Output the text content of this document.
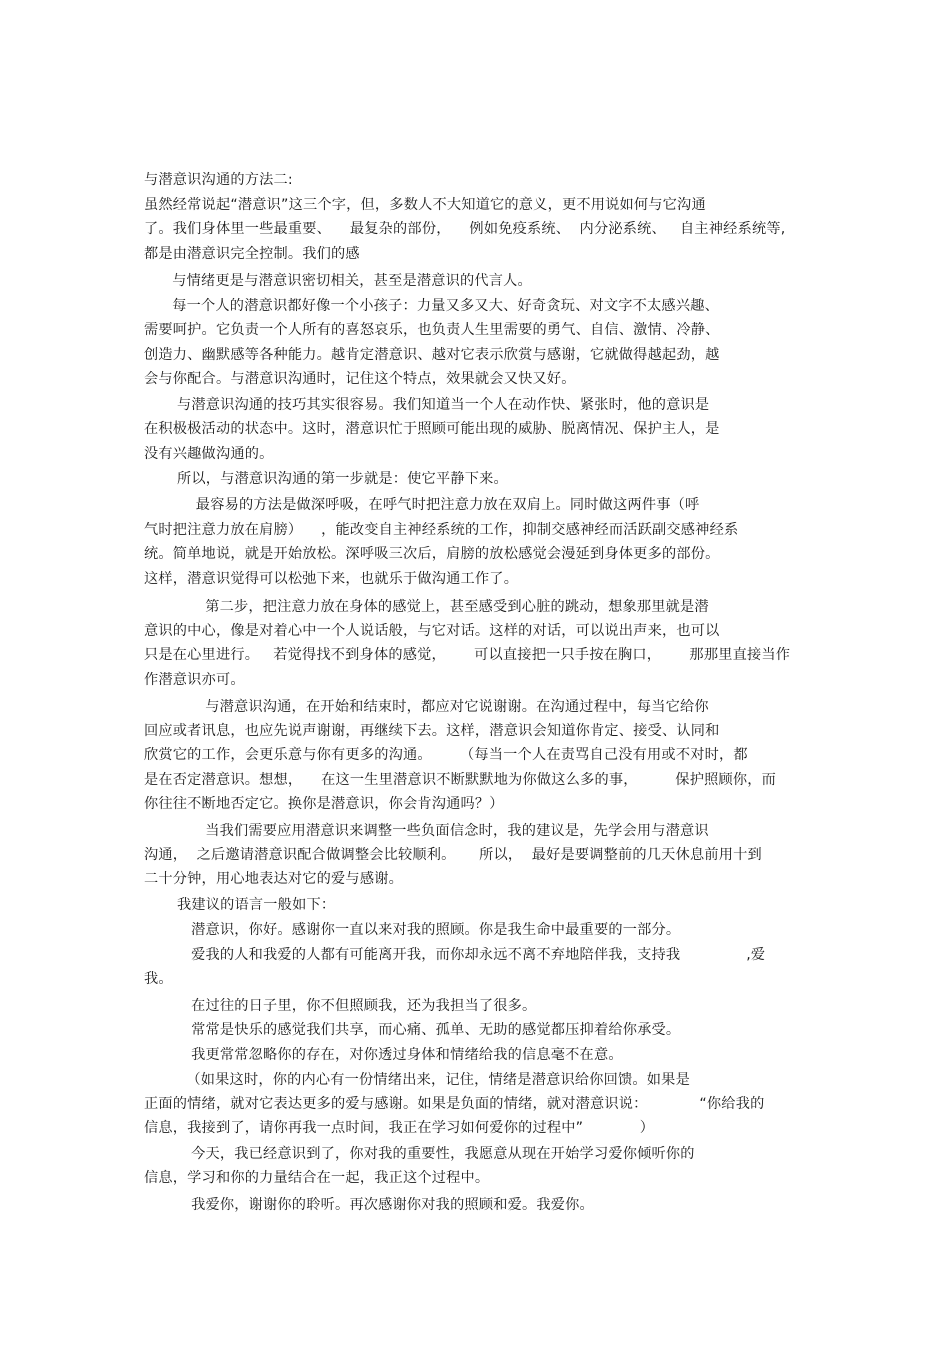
与潜意识沟通的方法二:
虽然经常说起“潜意识”这三个字，但，多数人不大知道它的意义，更不用说如何与它沟通
了。我们身体里一些最重要、    最复杂的部份，    例如免疫系统、  内分泌系统、   自主神经系统等,
都是由潜意识完全控制。我们的感
与情绪更是与潜意识密切相关，甚至是潜意识的代言人。
每一个人的潜意识都好像一个小孩子：力量又多又大、好奇贪玩、对文字不太感兴趣、
需要呵护。它负责一个人所有的喜怒哀乐，也负责人生里需要的勇气、自信、激情、冷静、
创造力、幽默感等各种能力。越肯定潜意识、越对它表示欣赏与感谢，它就做得越起劲，越
会与你配合。与潜意识沟通时，记住这个特点，效果就会又快又好。
与潜意识沟通的技巧其实很容易。我们知道当一个人在动作快、紧张时，他的意识是
在积极极活动的状态中。这时，潜意识忙于照顾可能出现的威胁、脱离情况、保护主人，是
没有兴趣做沟通的。
所以，与潜意识沟通的第一步就是：使它平静下来。
最容易的方法是做深呼吸，在呼气时把注意力放在双肩上。同时做这两件事（呼
气时把注意力放在肩膀）    ，能改变自主神经系统的工作，抑制交感神经而活跃副交感神经系
统。简单地说，就是开始放松。深呼吸三次后，肩膀的放松感觉会漫延到身体更多的部份。
这样，潜意识觉得可以松弛下来，也就乐于做沟通工作了。
第二步，把注意力放在身体的感觉上，甚至感受到心脏的跳动，想象那里就是潜
意识的中心，像是对着心中一个人说话般，与它对话。这样的对话，可以说出声来，也可以
只是在心里进行。   若觉得找不到身体的感觉，      可以直接把一只手按在胸口，      那那里直接当作
作潜意识亦可。
与潜意识沟通，在开始和结束时，都应对它说谢谢。在沟通过程中，每当它给你
回应或者讯息，也应先说声谢谢，再继续下去。这样，潜意识会知道你肯定、接受、认同和
欣赏它的工作，会更乐意与你有更多的沟通。      （每当一个人在责骂自己没有用或不对时，都
是在否定潜意识。想想，    在这一生里潜意识不断默默地为你做这么多的事，        保护照顾你，而
你往往不断地否定它。换你是潜意识，你会肯沟通吗？）
当我们需要应用潜意识来调整一些负面信念时，我的建议是，先学会用与潜意识
沟通，  之后邀请潜意识配合做调整会比较顺利。     所以，  最好是要调整前的几天休息前用十到
二十分钟，用心地表达对它的爱与感谢。
我建议的语言一般如下：
潜意识，你好。感谢你一直以来对我的照顾。你是我生命中最重要的一部分。
爱我的人和我爱的人都有可能离开我，而你却永远不离不弃地陪伴我，支持我              ,爱
我。
在过往的日子里，你不但照顾我，还为我担当了很多。
常常是快乐的感觉我们共享，而心痛、孤单、无助的感觉都压抑着给你承受。
我更常常忽略你的存在，对你透过身体和情绪给我的信息毫不在意。
（如果这时，你的内心有一份情绪出来，记住，情绪是潜意识给你回馈。如果是
正面的情绪，就对它表达更多的爱与感谢。如果是负面的情绪，就对潜意识说：           “你给我的
信息，我接到了，请你再我一点时间，我正在学习如何爱你的过程中”            ）
今天，我已经意识到了，你对我的重要性，我愿意从现在开始学习爱你倾听你的
信息，学习和你的力量结合在一起，我正这个过程中。
我爱你，谢谢你的聆听。再次感谢你对我的照顾和爱。我爱你。
